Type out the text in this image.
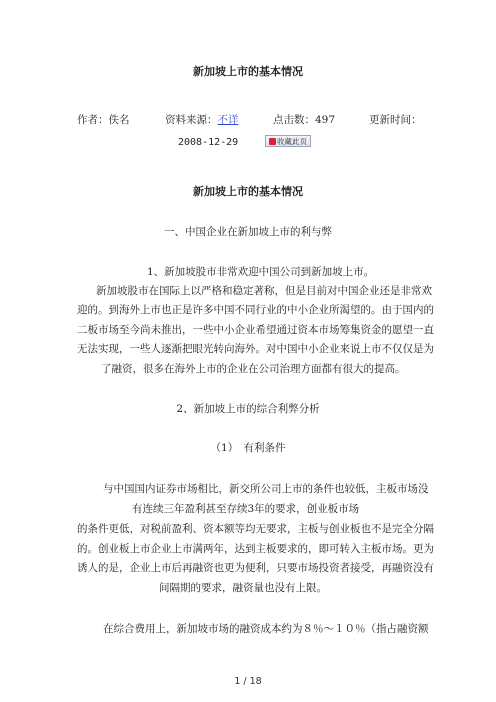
新加坡上市的基本情况
作者：佚名	资料来源：不详	点击数：497	更新时间：
2008-12-29	收藏此页
新加坡上市的基本情况
一、中国企业在新加坡上市的利与弊
1、新加坡股市非常欢迎中国公司到新加坡上市。
新加坡股市在国际上以严格和稳定著称，但是目前对中国企业还是非常欢
迎的。到海外上市也正是许多中国不同行业的中小企业所渴望的。由于国内的
二板市场至今尚未推出，一些中小企业希望通过资本市场筹集资金的愿望一直
无法实现，一些人逐渐把眼光转向海外。对中国中小企业来说上市不仅仅是为
了融资，很多在海外上市的企业在公司治理方面都有很大的提高。
2、新加坡上市的综合利弊分析
（1）　有利条件
与中国国内证券市场相比，新交所公司上市的条件也较低，主板市场没
有连续三年盈利甚至存续3年的要求，创业板市场
的条件更低，对税前盈利、资本额等均无要求，主板与创业板也不是完全分隔
的。创业板上市企业上市满两年，达到主板要求的，即可转入主板市场。更为
诱人的是，企业上市后再融资也更为便利，只要市场投资者接受，再融资没有
间隔期的要求，融资量也没有上限。
在综合费用上，新加坡市场的融资成本约为８％～１０％（指占融资额
1 / 18
